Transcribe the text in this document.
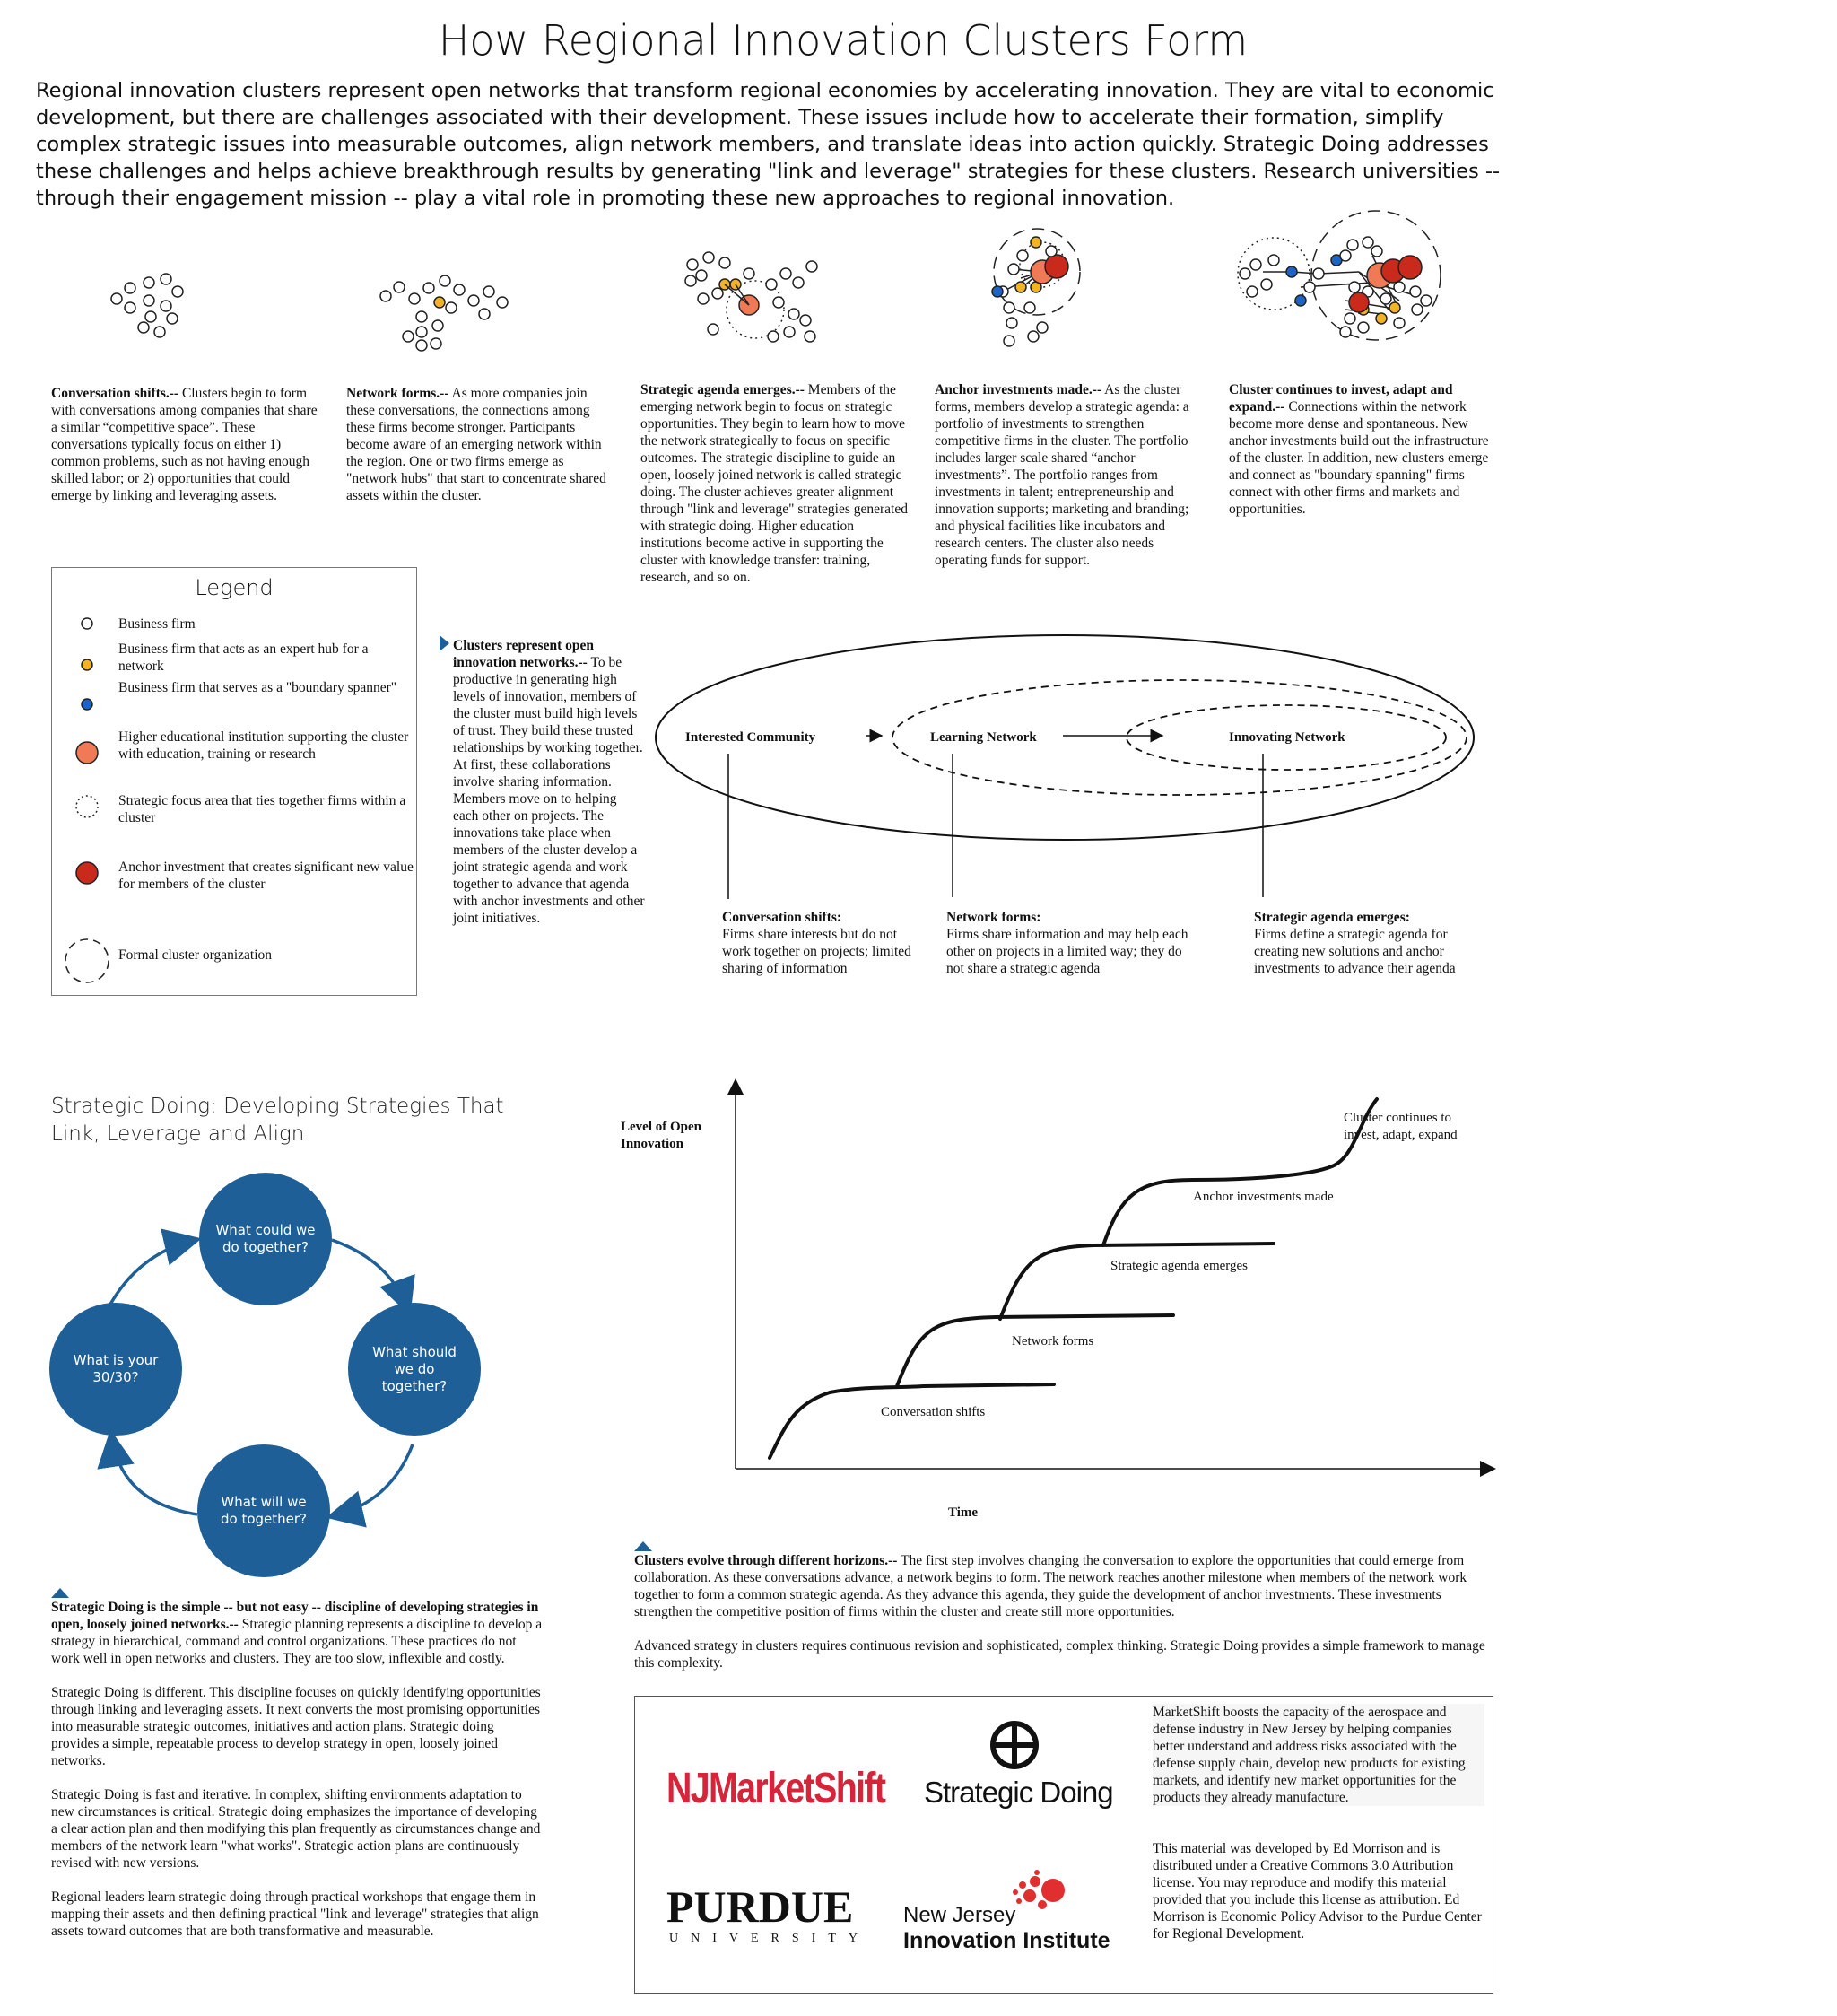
How Regional Innovation Clusters Form
Regional innovation clusters represent open networks that transform regional economies by accelerating innovation. They are vital to economic development, but there are challenges associated with their development. These issues include how to accelerate their formation, simplify complex strategic issues into measurable outcomes, align network members, and translate ideas into action quickly. Strategic Doing addresses these challenges and helps achieve breakthrough results by generating "link and leverage" strategies for these clusters. Research universities -- through their engagement mission -- play a vital role in promoting these new approaches to regional innovation.
Conversation shifts.-- Clusters begin to form with conversations among companies that share a similar “competitive space”. These conversations typically focus on either 1) common problems, such as not having enough skilled labor; or 2) opportunities that could emerge by linking and leveraging assets.
Network forms.-- As more companies join these conversations, the connections among these firms become stronger. Participants become aware of an emerging network within the region. One or two firms emerge as "network hubs" that start to concentrate shared assets within the cluster.
Strategic agenda emerges.-- Members of the emerging network begin to focus on strategic opportunities. They begin to learn how to move the network strategically to focus on specific outcomes. The strategic discipline to guide an open, loosely joined network is called strategic doing. The cluster achieves greater alignment through "link and leverage" strategies generated with strategic doing. Higher education institutions become active in supporting the cluster with knowledge transfer: training, research, and so on.
Anchor investments made.-- As the cluster forms, members develop a strategic agenda: a portfolio of investments to strengthen competitive firms in the cluster. The portfolio includes larger scale shared “anchor investments”. The portfolio ranges from investments in talent; entrepreneurship and innovation supports; marketing and branding; and physical facilities like incubators and research centers. The cluster also needs operating funds for support.
Cluster continues to invest, adapt and expand.-- Connections within the network become more dense and spontaneous. New anchor investments build out the infrastructure of the cluster. In addition, new clusters emerge and connect as "boundary spanning" firms connect with other firms and markets and opportunities.
Legend
Business firm
Business firm that acts as an expert hub for a network
Business firm that serves as a "boundary spanner"
Higher educational institution supporting the cluster with education, training or research
Strategic focus area that ties together firms within a cluster
Anchor investment that creates significant new value for members of the cluster
Formal cluster organization
Clusters represent open innovation networks.-- To be productive in generating high levels of innovation, members of the cluster must build high levels of trust. They build these trusted relationships by working together. At first, these collaborations involve sharing information. Members move on to helping each other on projects. The innovations take place when members of the cluster develop a joint strategic agenda and work together to advance that agenda with anchor investments and other joint initiatives.
Interested Community	Learning Network	Innovating Network
Conversation shifts:
Firms share interests but do not work together on projects; limited sharing of information
Network forms:
Firms share information and may help each other on projects in a limited way; they do not share a strategic agenda
Strategic agenda emerges:
Firms define a strategic agenda for creating new solutions and anchor investments to advance their agenda
Strategic Doing: Developing Strategies That Link, Leverage and Align
What could we do together?
What should we do together?
What will we do together?
What is your 30/30?
Strategic Doing is the simple -- but not easy -- discipline of developing strategies in open, loosely joined networks.-- Strategic planning represents a discipline to develop a strategy in hierarchical, command and control organizations. These practices do not work well in open networks and clusters. They are too slow, inflexible and costly.

Strategic Doing is different. This discipline focuses on quickly identifying opportunities through linking and leveraging assets. It next converts the most promising opportunities into measurable strategic outcomes, initiatives and action plans. Strategic doing provides a simple, repeatable process to develop strategy in open, loosely joined networks.

Strategic Doing is fast and iterative. In complex, shifting environments adaptation to new circumstances is critical. Strategic doing emphasizes the importance of developing a clear action plan and then modifying this plan frequently as circumstances change and members of the network learn "what works". Strategic action plans are continuously revised with new versions.

Regional leaders learn strategic doing through practical workshops that engage them in mapping their assets and then defining practical "link and leverage" strategies that align assets toward outcomes that are both transformative and measurable.

Level of Open Innovation
Time
Conversation shifts
Network forms
Strategic agenda emerges
Anchor investments made
Cluster continues to invest, adapt, expand
Clusters evolve through different horizons.-- The first step involves changing the conversation to explore the opportunities that could emerge from collaboration. As these conversations advance, a network begins to form. The network reaches another milestone when members of the network work together to form a common strategic agenda. As they advance this agenda, they guide the development of anchor investments. These investments strengthen the competitive position of firms within the cluster and create still more opportunities.

Advanced strategy in clusters requires continuous revision and sophisticated, complex thinking. Strategic Doing provides a simple framework to manage this complexity.

NJMarketShift Strategic Doing
PURDUE
UNIVERSITY
New Jersey
Innovation Institute
MarketShift boosts the capacity of the aerospace and defense industry in New Jersey by helping companies better understand and address risks associated with the defense supply chain, develop new products for existing markets, and identify new market opportunities for the products they already manufacture.
This material was developed by Ed Morrison and is distributed under a Creative Commons 3.0 Attribution license. You may reproduce and modify this material provided that you include this license as attribution. Ed Morrison is Economic Policy Advisor to the Purdue Center for Regional Development.
